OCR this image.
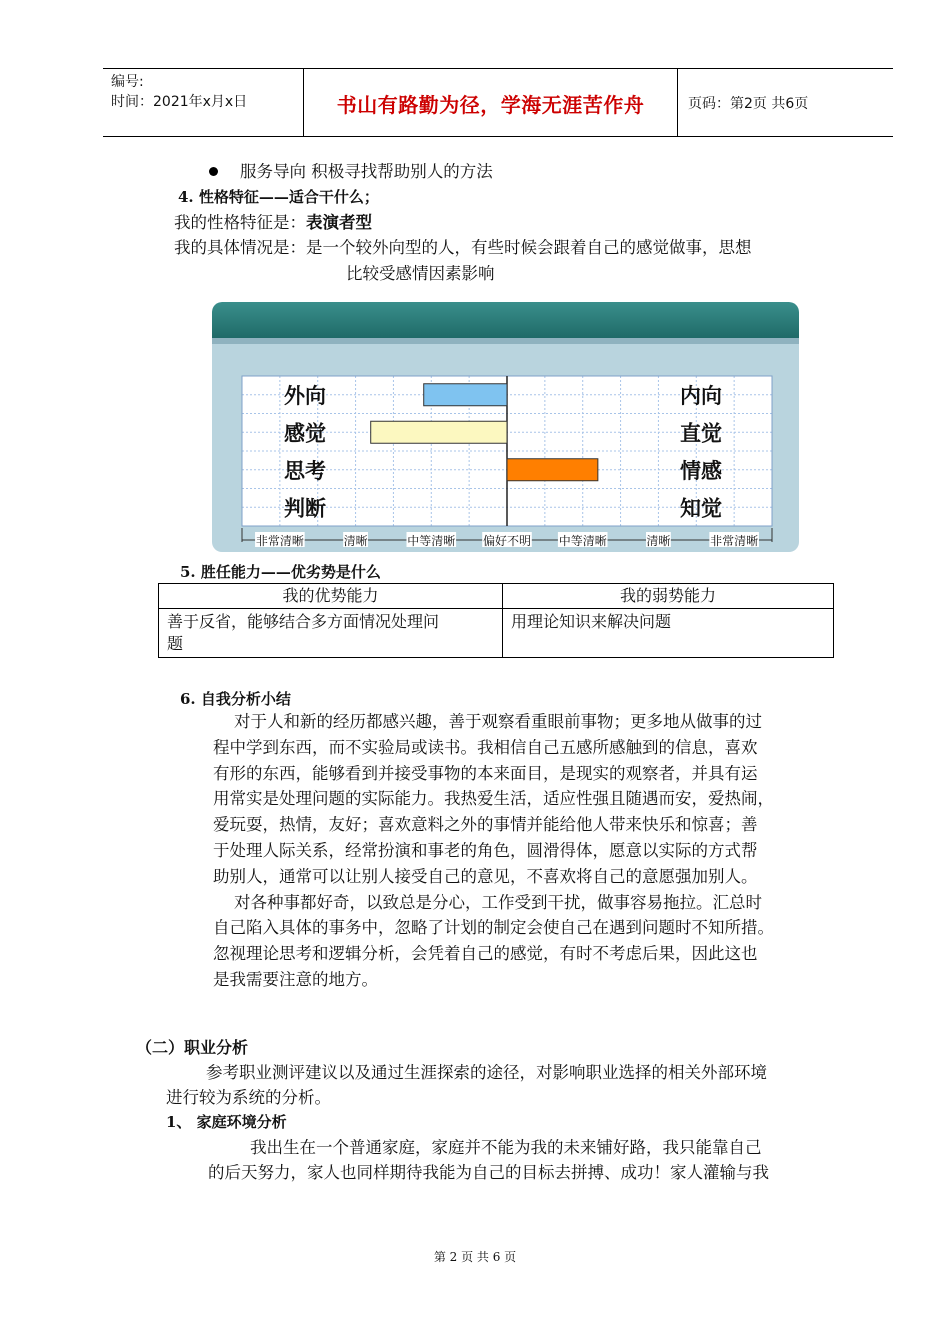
编号:
时间：2021年x月x日	书山有路勤为径，学海无涯苦作舟	页码：第2页 共6页
服务导向 积极寻找帮助别人的方法
4. 性格特征——适合干什么；
我的性格特征是：表演者型
我的具体情况是：是一个较外向型的人，有些时候会跟着自己的感觉做事，思想
比较受感情因素影响
外向
感觉
思考
判断
内向
直觉
情感
知觉
非常清晰	清晰	中等清晰 偏好不明 中等清晰	清晰	非常清晰
5. 胜任能力——优劣势是什么
我的优势能力	我的弱势能力

善于反省，能够结合多方面情况处理问
题	用理论知识来解决问题
6. 自我分析小结
对于人和新的经历都感兴趣，善于观察看重眼前事物；更多地从做事的过
程中学到东西，而不实验局或读书。我相信自己五感所感触到的信息，喜欢
有形的东西，能够看到并接受事物的本来面目，是现实的观察者，并具有运
用常实是处理问题的实际能力。我热爱生活，适应性强且随遇而安，爱热闹，
爱玩耍，热情，友好；喜欢意料之外的事情并能给他人带来快乐和惊喜；善
于处理人际关系，经常扮演和事老的角色，圆滑得体，愿意以实际的方式帮
助别人，通常可以让别人接受自己的意见，不喜欢将自己的意愿强加别人。
对各种事都好奇，以致总是分心，工作受到干扰，做事容易拖拉。汇总时
自己陷入具体的事务中，忽略了计划的制定会使自己在遇到问题时不知所措。
忽视理论思考和逻辑分析，会凭着自己的感觉，有时不考虑后果，因此这也
是我需要注意的地方。
（二）职业分析
参考职业测评建议以及通过生涯探索的途径，对影响职业选择的相关外部环境
进行较为系统的分析。
1、 家庭环境分析
我出生在一个普通家庭，家庭并不能为我的未来铺好路，我只能靠自己
的后天努力，家人也同样期待我能为自己的目标去拼搏、成功！家人灌输与我
第 2 页 共 6 页
